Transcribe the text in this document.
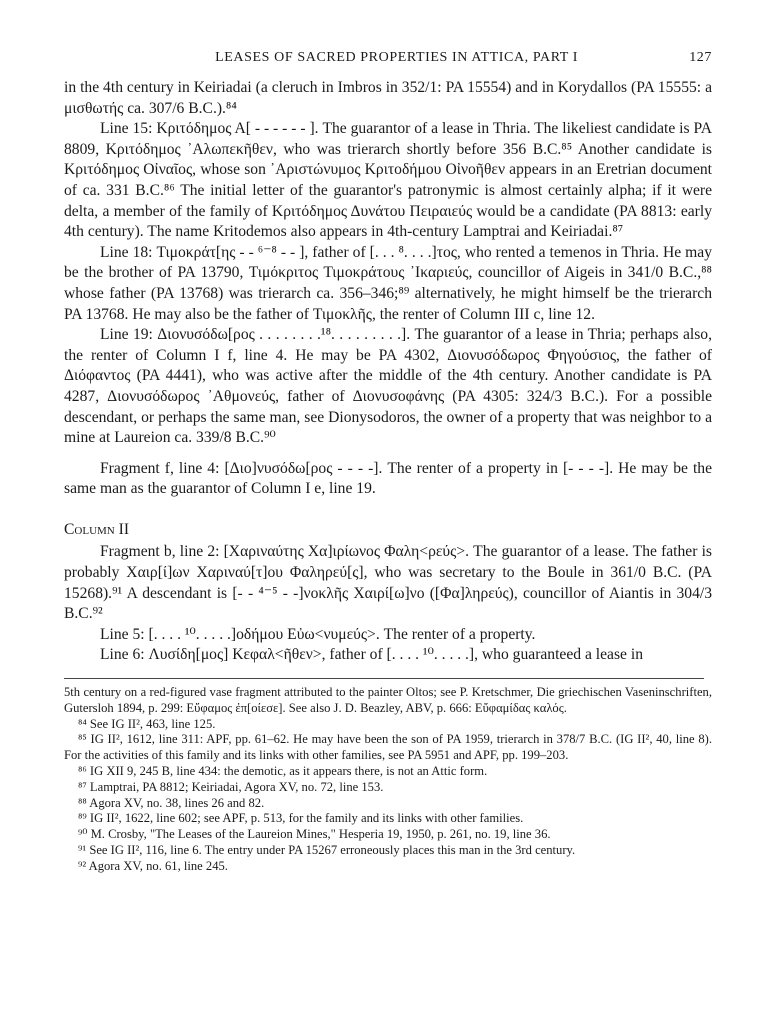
LEASES OF SACRED PROPERTIES IN ATTICA, PART I	127

in the 4th century in Keiriadai (a cleruch in Imbros in 352/1: PA 15554) and in Korydallos (PA 15555: a μισθωτής ca. 307/6 B.C.).⁸⁴

Line 15: Κριτόδημος Α[ - - - - - - ]. The guarantor of a lease in Thria. The likeliest candidate is PA 8809, Κριτόδημος ᾿Αλωπεκῆθεν, who was trierarch shortly before 356 B.C.⁸⁵ Another candidate is Κριτόδημος Οἰναῖος, whose son ᾿Αριστώνυμος Κριτοδήμου Οἰνοῆθεν appears in an Eretrian document of ca. 331 B.C.⁸⁶ The initial letter of the guarantor's patronymic is almost certainly alpha; if it were delta, a member of the family of Κριτόδημος Δυνάτου Πειραιεύς would be a candidate (PA 8813: early 4th century). The name Kritodemos also appears in 4th-century Lamptrai and Keiriadai.⁸⁷

Line 18: Τιμοκράτ[ης - - ⁶⁻⁸ - - ], father of [. . . ⁸. . . .]τος, who rented a temenos in Thria. He may be the brother of PA 13790, Τιμόκριτος Τιμοκράτους ᾿Ικαριεύς, councillor of Aigeis in 341/0 B.C.,⁸⁸ whose father (PA 13768) was trierarch ca. 356–346;⁸⁹ alternatively, he might himself be the trierarch PA 13768. He may also be the father of Τιμοκλῆς, the renter of Column III c, line 12.

Line 19: Διονυσόδω[ρος . . . . . . . .¹⁸. . . . . . . . .]. The guarantor of a lease in Thria; perhaps also, the renter of Column I f, line 4. He may be PA 4302, Διονυσόδωρος Φηγούσιος, the father of Διόφαντος (PA 4441), who was active after the middle of the 4th century. Another candidate is PA 4287, Διονυσόδωρος ᾿Αθμονεύς, father of Διονυσοφάνης (PA 4305: 324/3 B.C.). For a possible descendant, or perhaps the same man, see Dionysodoros, the owner of a property that was neighbor to a mine at Laureion ca. 339/8 B.C.⁹⁰

Fragment f, line 4: [Διο]νυσόδω[ρος - - - -]. The renter of a property in [- - - -]. He may be the same man as the guarantor of Column I e, line 19.

Column II

Fragment b, line 2: [Χαριναύτης Χα]ιρίωνος Φαλη<ρεύς>. The guarantor of a lease. The father is probably Χαιρ[ί]ων Χαριναύ[τ]ου Φαληρεύ[ς], who was secretary to the Boule in 361/0 B.C. (PA 15268).⁹¹ A descendant is [- - ⁴⁻⁵ - -]νοκλῆς Χαιρί[ω]νο ([Φα]ληρεύς), councillor of Aiantis in 304/3 B.C.⁹²

Line 5: [. . . . ¹⁰. . . . .]οδήμου Εὐω<νυμεύς>. The renter of a property.

Line 6: Λυσίδη[μος] Κεφαλ<ῆθεν>, father of [. . . . ¹⁰. . . . .], who guaranteed a lease in

5th century on a red-figured vase fragment attributed to the painter Oltos; see P. Kretschmer, Die griechischen Vaseninschriften, Gutersloh 1894, p. 299: Εὔφαμος ἐπ[οίεσε]. See also J. D. Beazley, ABV, p. 666: Εὔφαμίδας καλός.

⁸⁴ See IG II², 463, line 125.

⁸⁵ IG II², 1612, line 311: APF, pp. 61–62. He may have been the son of PA 1959, trierarch in 378/7 B.C. (IG II², 40, line 8). For the activities of this family and its links with other families, see PA 5951 and APF, pp. 199–203.

⁸⁶ IG XII 9, 245 B, line 434: the demotic, as it appears there, is not an Attic form.

⁸⁷ Lamptrai, PA 8812; Keiriadai, Agora XV, no. 72, line 153.

⁸⁸ Agora XV, no. 38, lines 26 and 82.

⁸⁹ IG II², 1622, line 602; see APF, p. 513, for the family and its links with other families.

⁹⁰ M. Crosby, "The Leases of the Laureion Mines," Hesperia 19, 1950, p. 261, no. 19, line 36.

⁹¹ See IG II², 116, line 6. The entry under PA 15267 erroneously places this man in the 3rd century.

⁹² Agora XV, no. 61, line 245.
